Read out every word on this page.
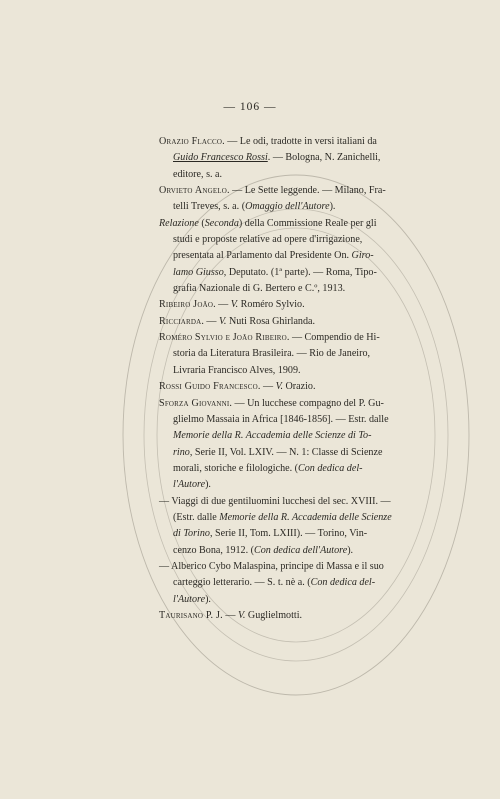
— 106 —
Orazio Flacco. — Le odi, tradotte in versi italiani da
Guido Francesco Rossi. — Bologna, N. Zanichelli,
editore, s. a.
Orvieto Angelo. — Le Sette leggende. — Milano, Fra-
telli Treves, s. a. (Omaggio dell'Autore).
Relazione (Seconda) della Commissione Reale per gli
studi e proposte relative ad opere d'irrigazione,
presentata al Parlamento dal Presidente On. Giro-
lamo Giusso, Deputato. (1ª parte). — Roma, Tipo-
grafia Nazionale di G. Bertero e C.º, 1913.
Ribeiro João. — V. Roméro Sylvio.
Ricciarda. — V. Nuti Rosa Ghirlanda.
Roméro Sylvio e João Ribeiro. — Compendio de Hi-
storia da Literatura Brasileira. — Rio de Janeiro,
Livraria Francisco Alves, 1909.
Rossi Guido Francesco. — V. Orazio.
Sforza Giovanni. — Un lucchese compagno del P. Gu-
glielmo Massaia in Africa [1846-1856]. — Estr. dalle
Memorie della R. Accademia delle Scienze di To-
rino, Serie II, Vol. LXIV. — N. 1: Classe di Scienze
morali, storiche e filologiche. (Con dedica del-
l'Autore).
— Viaggi di due gentiluomini lucchesi del sec. XVIII. —
(Estr. dalle Memorie della R. Accademia delle Scienze
di Torino, Serie II, Tom. LXIII). — Torino, Vin-
cenzo Bona, 1912. (Con dedica dell'Autore).
— Alberico Cybo Malaspina, principe di Massa e il suo
carteggio letterario. — S. t. nè a. (Con dedica del-
l'Autore).
Taurisano P. J. — V. Guglielmotti.
